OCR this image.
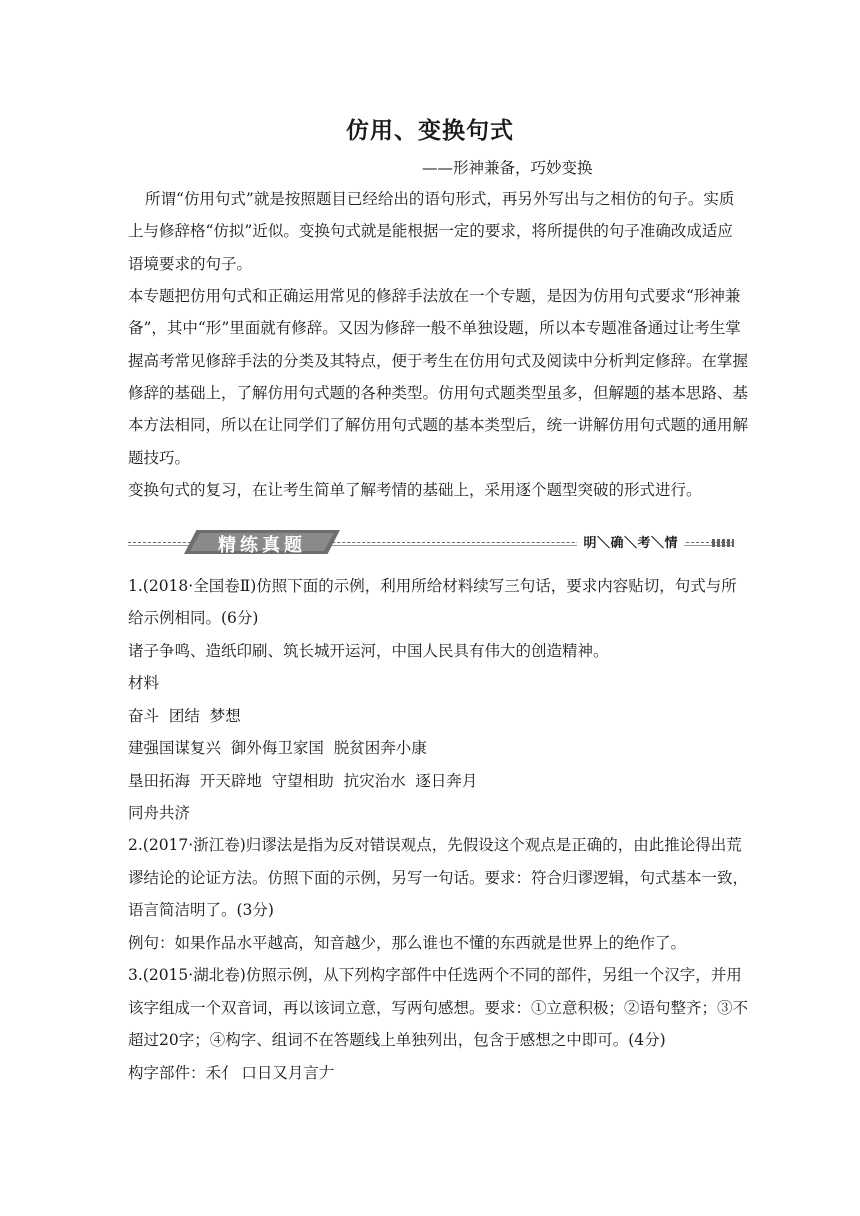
仿用、变换句式
——形神兼备，巧妙变换
所谓“仿用句式”就是按照题目已经给出的语句形式，再另外写出与之相仿的句子。实质
上与修辞格“仿拟”近似。变换句式就是能根据一定的要求，将所提供的句子准确改成适应
语境要求的句子。
本专题把仿用句式和正确运用常见的修辞手法放在一个专题，是因为仿用句式要求“形神兼
备”，其中“形”里面就有修辞。又因为修辞一般不单独设题，所以本专题准备通过让考生掌
握高考常见修辞手法的分类及其特点，便于考生在仿用句式及阅读中分析判定修辞。在掌握
修辞的基础上，了解仿用句式题的各种类型。仿用句式题类型虽多，但解题的基本思路、基
本方法相同，所以在让同学们了解仿用句式题的基本类型后，统一讲解仿用句式题的通用解
题技巧。
变换句式的复习，在让考生简单了解考情的基础上，采用逐个题型突破的形式进行。
精练真题	明＼确＼考＼情
1.(2018·全国卷Ⅱ)仿照下面的示例，利用所给材料续写三句话，要求内容贴切，句式与所
给示例相同。(6分)
诸子争鸣、造纸印刷、筑长城开运河，中国人民具有伟大的创造精神。
材料
奋斗  团结  梦想
建强国谋复兴  御外侮卫家国  脱贫困奔小康
垦田拓海  开天辟地  守望相助  抗灾治水  逐日奔月
同舟共济
2.(2017·浙江卷)归谬法是指为反对错误观点，先假设这个观点是正确的，由此推论得出荒
谬结论的论证方法。仿照下面的示例，另写一句话。要求：符合归谬逻辑，句式基本一致，
语言简洁明了。(3分)
例句：如果作品水平越高，知音越少，那么谁也不懂的东西就是世界上的绝作了。
3.(2015·湖北卷)仿照示例，从下列构字部件中任选两个不同的部件，另组一个汉字，并用
该字组成一个双音词，再以该词立意，写两句感想。要求：①立意积极；②语句整齐；③不
超过20字；④构字、组词不在答题线上单独列出，包含于感想之中即可。(4分)
构字部件：禾亻 口日又月言𠂇
